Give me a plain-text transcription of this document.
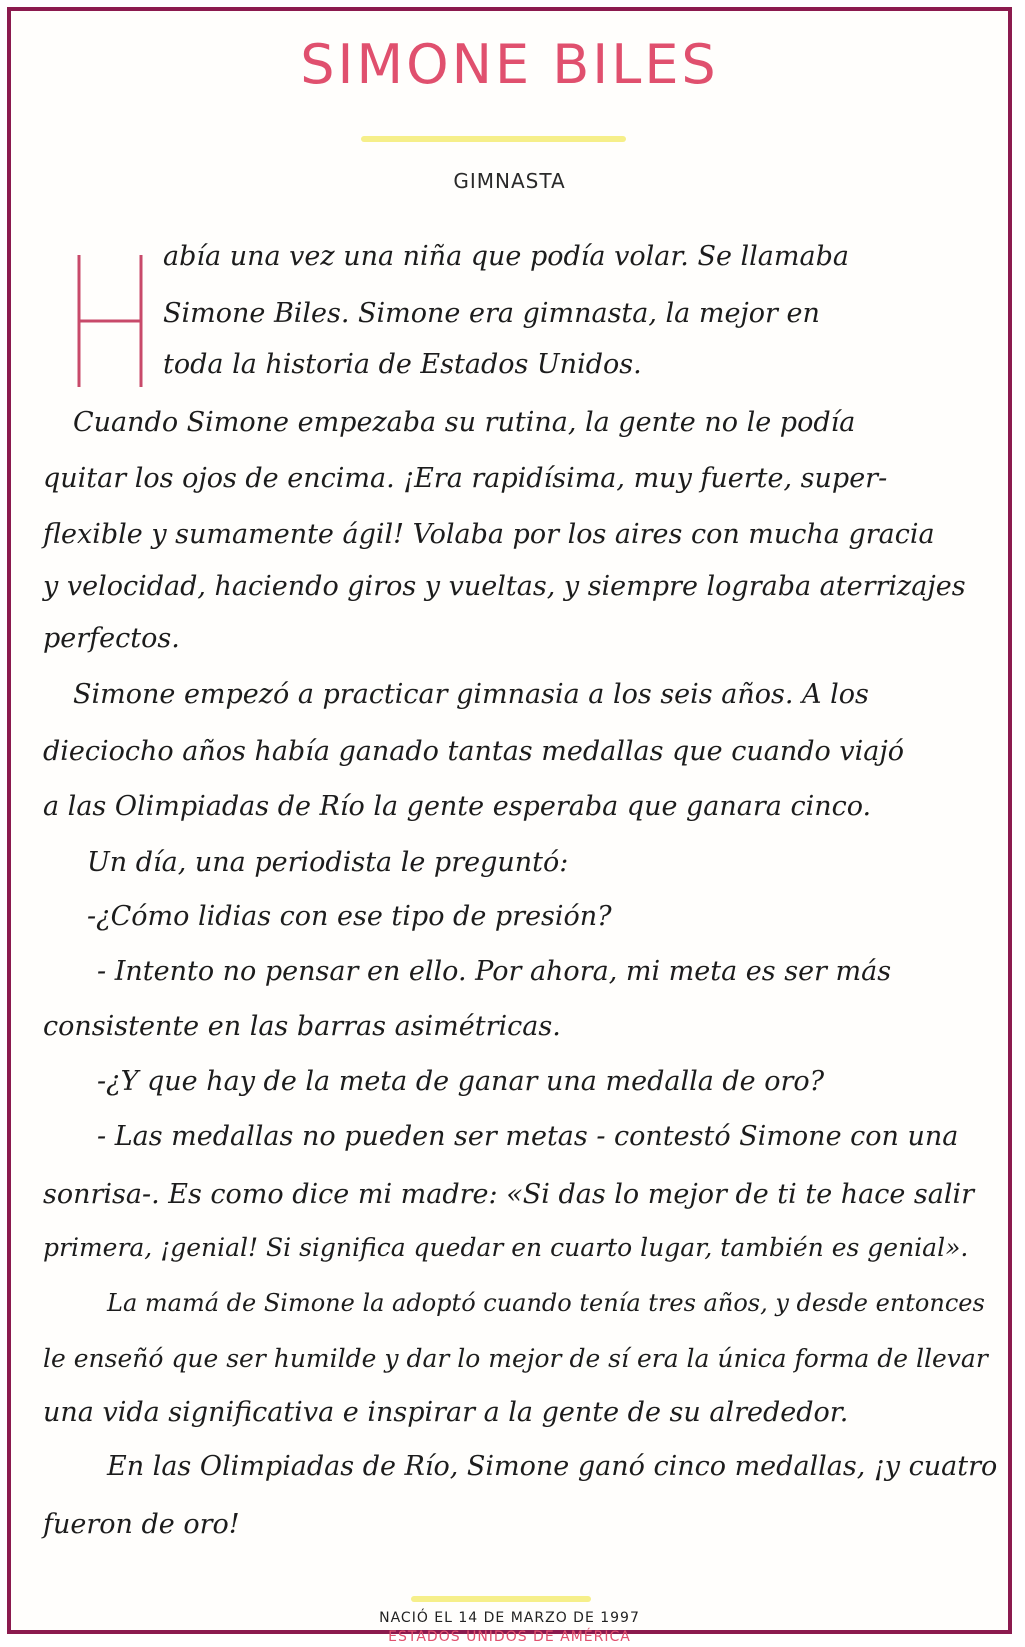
SIMONE BILES
GIMNASTA
abía una vez una niña que podía volar. Se llamaba
Simone Biles. Simone era gimnasta, la mejor en
toda la historia de Estados Unidos.
Cuando Simone empezaba su rutina, la gente no le podía
quitar los ojos de encima. ¡Era rapidísima, muy fuerte, super-
flexible y sumamente ágil! Volaba por los aires con mucha gracia
y velocidad, haciendo giros y vueltas, y siempre lograba aterrizajes
perfectos.
Simone empezó a practicar gimnasia a los seis años. A los
dieciocho años había ganado tantas medallas que cuando viajó
a las Olimpiadas de Río la gente esperaba que ganara cinco.
Un día, una periodista le preguntó:
-¿Cómo lidias con ese tipo de presión?
- Intento no pensar en ello. Por ahora, mi meta es ser más
consistente en las barras asimétricas.
-¿Y que hay de la meta de ganar una medalla de oro?
- Las medallas no pueden ser metas - contestó Simone con una
sonrisa-. Es como dice mi madre: «Si das lo mejor de ti te hace salir
primera, ¡genial! Si significa quedar en cuarto lugar, también es genial».
La mamá de Simone la adoptó cuando tenía tres años, y desde entonces
le enseñó que ser humilde y dar lo mejor de sí era la única forma de llevar
una vida significativa e inspirar a la gente de su alrededor.
En las Olimpiadas de Río, Simone ganó cinco medallas, ¡y cuatro
fueron de oro!
NACIÓ EL 14 DE MARZO DE 1997
ESTADOS UNIDOS DE AMÉRICA
